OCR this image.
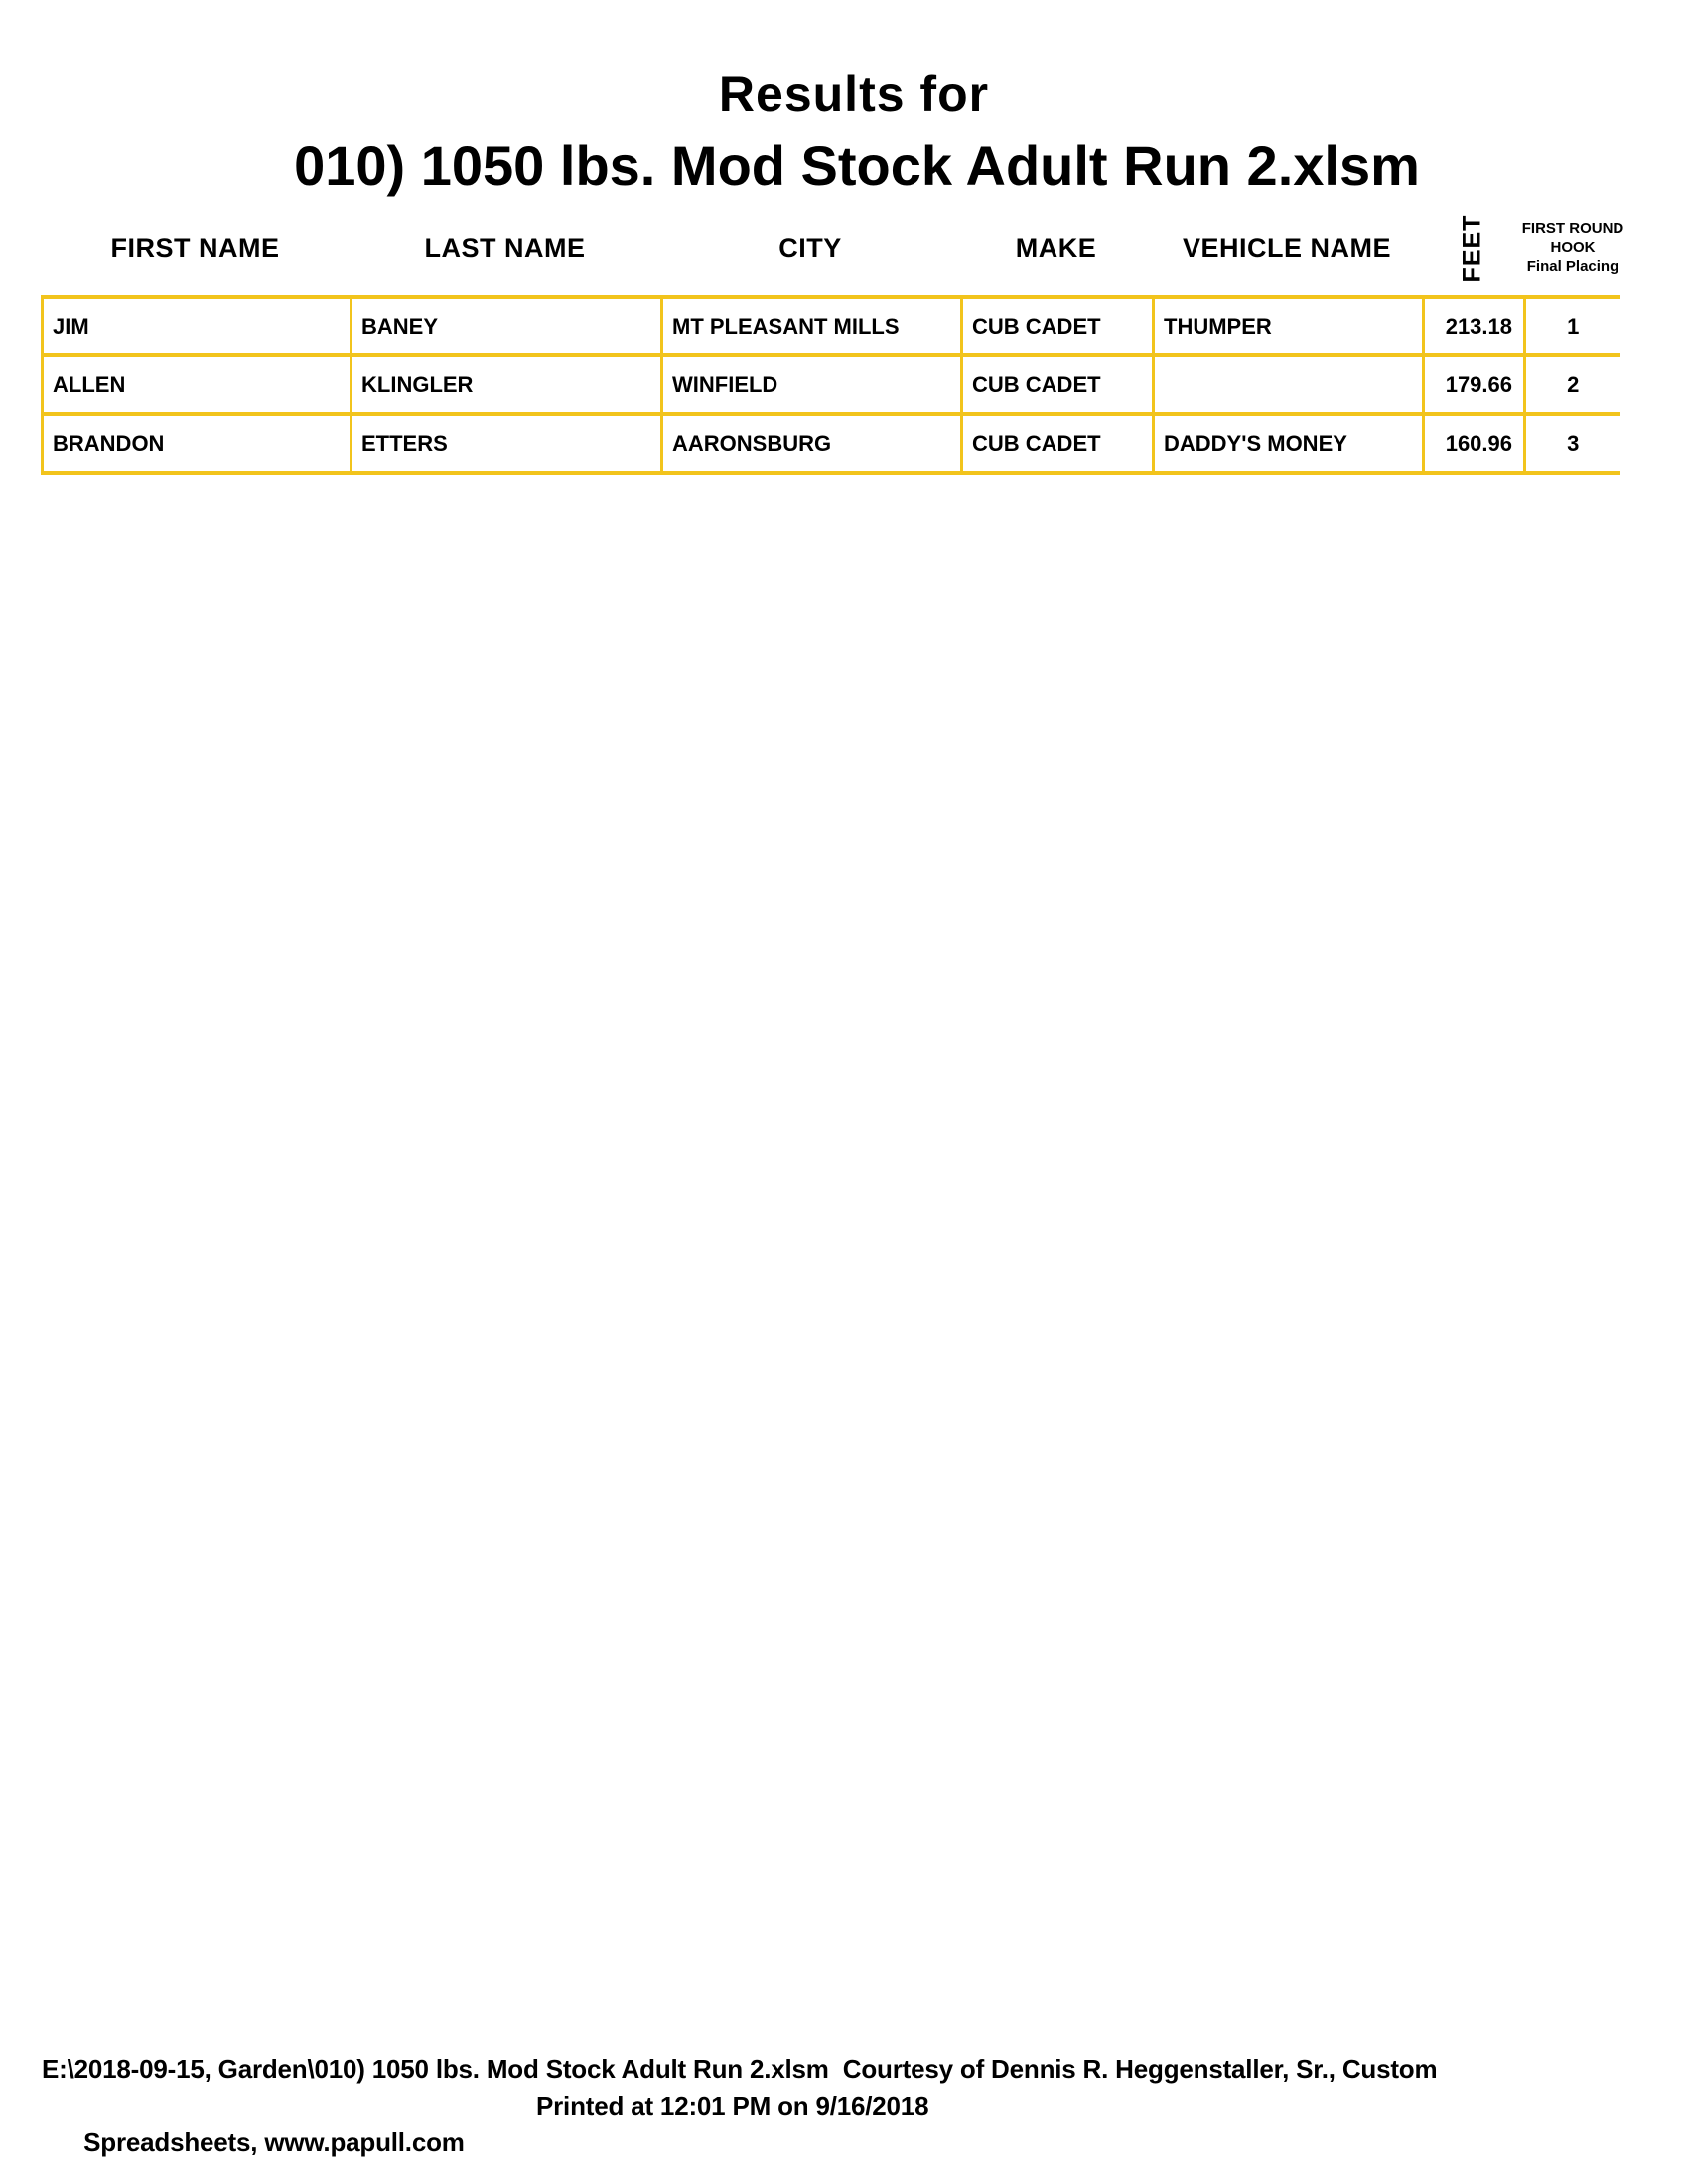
Results for
010) 1050 lbs. Mod Stock Adult Run 2.xlsm
FIRST NAME	LAST NAME	CITY	MAKE	VEHICLE NAME	FEET	FIRST ROUND
HOOK
Final Placing
JIM	BANEY	MT PLEASANT MILLS	CUB CADET	THUMPER	213.18	1
ALLEN	KLINGLER	WINFIELD	CUB CADET		179.66	2
BRANDON	ETTERS	AARONSBURG	CUB CADET	DADDY'S MONEY	160.96	3
E:\2018-09-15, Garden\010) 1050 lbs. Mod Stock Adult Run 2.xlsm  Courtesy of Dennis R. Heggenstaller, Sr., Custom

Spreadsheets, www.papull.com

Printed at 12:01 PM on 9/16/2018
